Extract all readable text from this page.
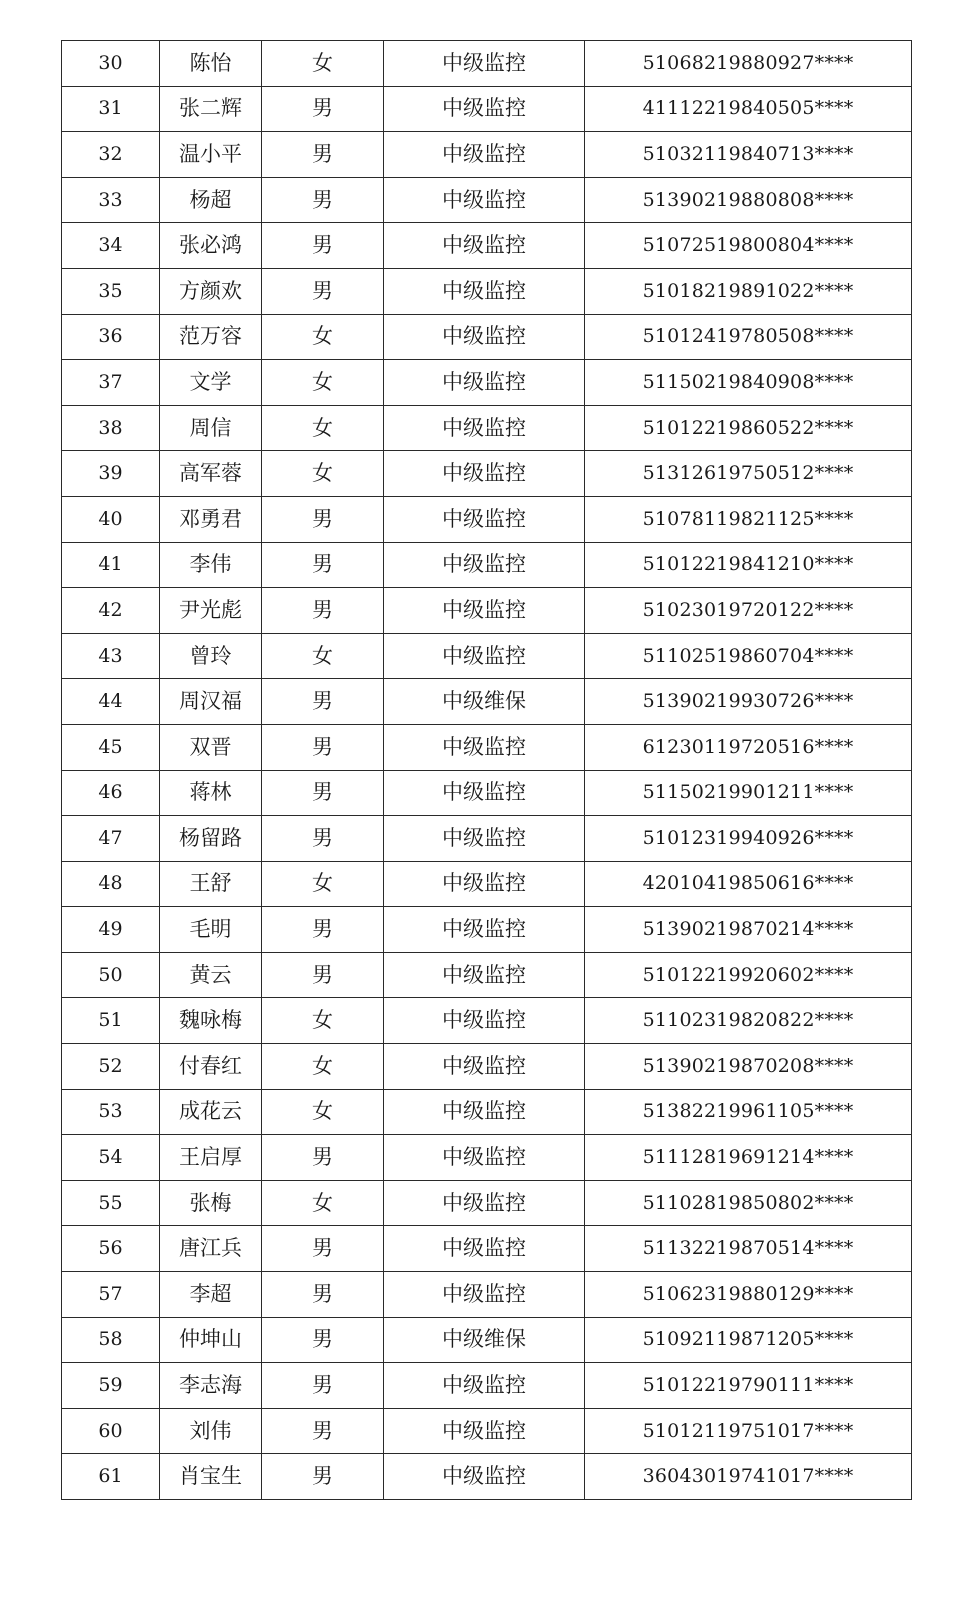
30	陈怡	女	中级监控	51068219880927****
31	张二辉	男	中级监控	41112219840505****
32	温小平	男	中级监控	51032119840713****
33	杨超	男	中级监控	51390219880808****
34	张必鸿	男	中级监控	51072519800804****
35	方颜欢	男	中级监控	51018219891022****
36	范万容	女	中级监控	51012419780508****
37	文学	女	中级监控	51150219840908****
38	周信	女	中级监控	51012219860522****
39	高军蓉	女	中级监控	51312619750512****
40	邓勇君	男	中级监控	51078119821125****
41	李伟	男	中级监控	51012219841210****
42	尹光彪	男	中级监控	51023019720122****
43	曾玲	女	中级监控	51102519860704****
44	周汉福	男	中级维保	51390219930726****
45	双晋	男	中级监控	61230119720516****
46	蒋林	男	中级监控	51150219901211****
47	杨留路	男	中级监控	51012319940926****
48	王舒	女	中级监控	42010419850616****
49	毛明	男	中级监控	51390219870214****
50	黄云	男	中级监控	51012219920602****
51	魏咏梅	女	中级监控	51102319820822****
52	付春红	女	中级监控	51390219870208****
53	成花云	女	中级监控	51382219961105****
54	王启厚	男	中级监控	51112819691214****
55	张梅	女	中级监控	51102819850802****
56	唐江兵	男	中级监控	51132219870514****
57	李超	男	中级监控	51062319880129****
58	仲坤山	男	中级维保	51092119871205****
59	李志海	男	中级监控	51012219790111****
60	刘伟	男	中级监控	51012119751017****
61	肖宝生	男	中级监控	36043019741017****
